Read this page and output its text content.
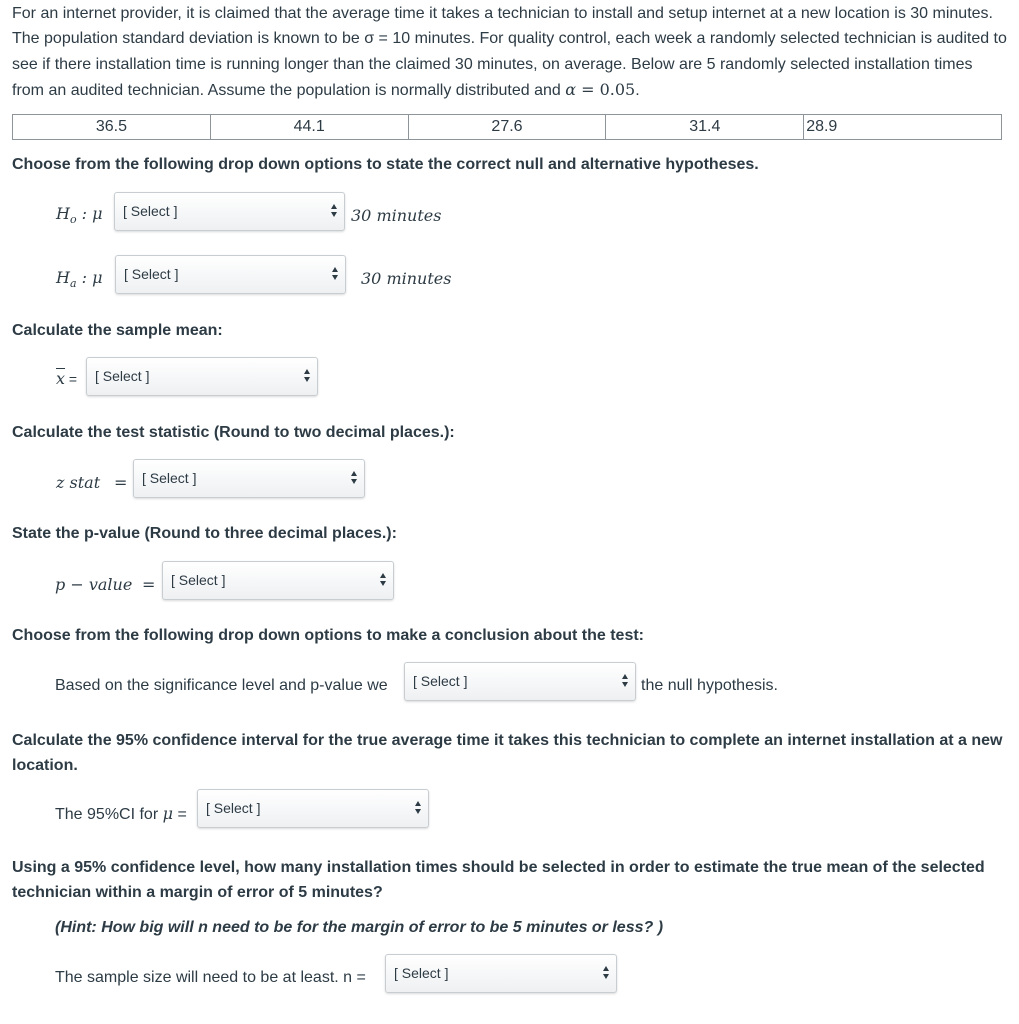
For an internet provider, it is claimed that the average time it takes a technician to install and setup internet at a new location is 30 minutes. The population standard deviation is known to be σ = 10 minutes. For quality control, each week a randomly selected technician is audited to see if there installation time is running longer than the claimed 30 minutes, on average. Below are 5 randomly selected installation times from an audited technician. Assume the population is normally distributed and α = 0.05.
36.5	44.1	27.6	31.4	28.9
Choose from the following drop down options to state the correct null and alternative hypotheses.
$H_o$ : μ	[ Select ]	30 minutes
$H_a$ : μ	[ Select ]	30 minutes
Calculate the sample mean:
$\overline{x}$ =	[ Select ]
Calculate the test statistic (Round to two decimal places.):
z stat =	[ Select ]
State the p-value (Round to three decimal places.):
p − value =	[ Select ]
Choose from the following drop down options to make a conclusion about the test:
Based on the significance level and p-value we	[ Select ]	the null hypothesis.
Calculate the 95% confidence interval for the true average time it takes this technician to complete an internet installation at a new location.
The 95%CI for μ =	[ Select ]
Using a 95% confidence level, how many installation times should be selected in order to estimate the true mean of the selected technician within a margin of error of 5 minutes?
(Hint: How big will n need to be for the margin of error to be 5 minutes or less? )
The sample size will need to be at least. n =	[ Select ]
